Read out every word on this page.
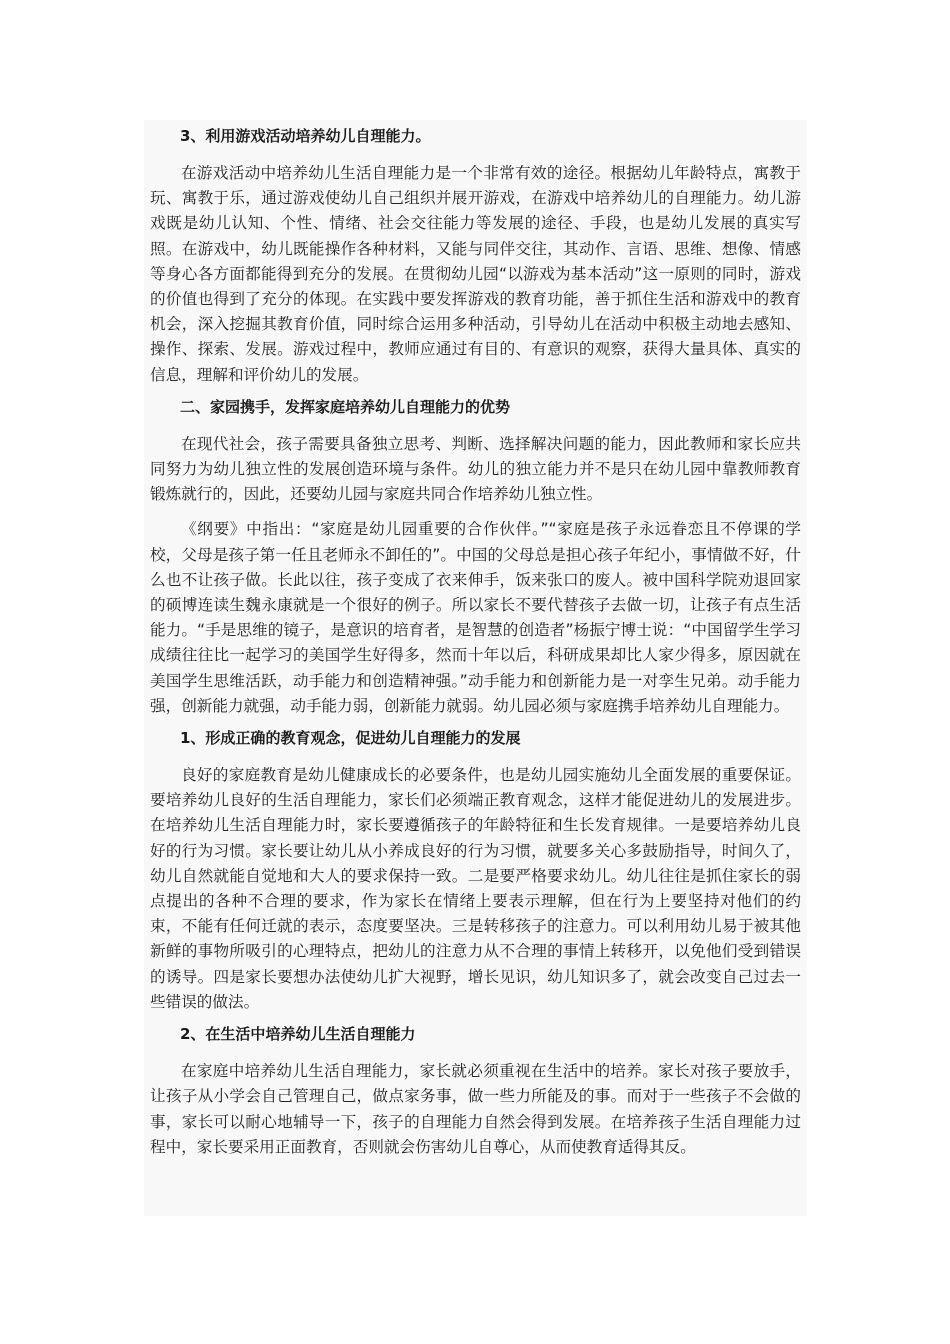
3、利用游戏活动培养幼儿自理能力。
在游戏活动中培养幼儿生活自理能力是一个非常有效的途径。根据幼儿年龄特点，寓教于玩、寓教于乐，通过游戏使幼儿自己组织并展开游戏，在游戏中培养幼儿的自理能力。幼儿游戏既是幼儿认知、个性、情绪、社会交往能力等发展的途径、手段，也是幼儿发展的真实写照。在游戏中，幼儿既能操作各种材料，又能与同伴交往，其动作、言语、思维、想像、情感等身心各方面都能得到充分的发展。在贯彻幼儿园“以游戏为基本活动”这一原则的同时，游戏的价值也得到了充分的体现。在实践中要发挥游戏的教育功能，善于抓住生活和游戏中的教育机会，深入挖掘其教育价值，同时综合运用多种活动，引导幼儿在活动中积极主动地去感知、操作、探索、发展。游戏过程中，教师应通过有目的、有意识的观察，获得大量具体、真实的信息，理解和评价幼儿的发展。
二、家园携手，发挥家庭培养幼儿自理能力的优势
在现代社会，孩子需要具备独立思考、判断、选择解决问题的能力，因此教师和家长应共同努力为幼儿独立性的发展创造环境与条件。幼儿的独立能力并不是只在幼儿园中靠教师教育锻炼就行的，因此，还要幼儿园与家庭共同合作培养幼儿独立性。
《纲要》中指出：“家庭是幼儿园重要的合作伙伴。”“家庭是孩子永远眷恋且不停课的学校，父母是孩子第一任且老师永不卸任的”。中国的父母总是担心孩子年纪小，事情做不好，什么也不让孩子做。长此以往，孩子变成了衣来伸手，饭来张口的废人。被中国科学院劝退回家的硕博连读生魏永康就是一个很好的例子。所以家长不要代替孩子去做一切，让孩子有点生活能力。“手是思维的镜子，是意识的培育者，是智慧的创造者”杨振宁博士说：“中国留学生学习成绩往往比一起学习的美国学生好得多，然而十年以后，科研成果却比人家少得多，原因就在美国学生思维活跃，动手能力和创造精神强。”动手能力和创新能力是一对孪生兄弟。动手能力强，创新能力就强，动手能力弱，创新能力就弱。幼儿园必须与家庭携手培养幼儿自理能力。
1、形成正确的教育观念，促进幼儿自理能力的发展
良好的家庭教育是幼儿健康成长的必要条件，也是幼儿园实施幼儿全面发展的重要保证。要培养幼儿良好的生活自理能力，家长们必须端正教育观念，这样才能促进幼儿的发展进步。在培养幼儿生活自理能力时，家长要遵循孩子的年龄特征和生长发育规律。一是要培养幼儿良好的行为习惯。家长要让幼儿从小养成良好的行为习惯，就要多关心多鼓励指导，时间久了，幼儿自然就能自觉地和大人的要求保持一致。二是要严格要求幼儿。幼儿往往是抓住家长的弱点提出的各种不合理的要求，作为家长在情绪上要表示理解，但在行为上要坚持对他们的约束，不能有任何迁就的表示，态度要坚决。三是转移孩子的注意力。可以利用幼儿易于被其他新鲜的事物所吸引的心理特点，把幼儿的注意力从不合理的事情上转移开，以免他们受到错误的诱导。四是家长要想办法使幼儿扩大视野，增长见识，幼儿知识多了，就会改变自己过去一些错误的做法。
2、在生活中培养幼儿生活自理能力
在家庭中培养幼儿生活自理能力，家长就必须重视在生活中的培养。家长对孩子要放手，让孩子从小学会自己管理自己，做点家务事，做一些力所能及的事。而对于一些孩子不会做的事，家长可以耐心地辅导一下，孩子的自理能力自然会得到发展。在培养孩子生活自理能力过程中，家长要采用正面教育，否则就会伤害幼儿自尊心，从而使教育适得其反。
